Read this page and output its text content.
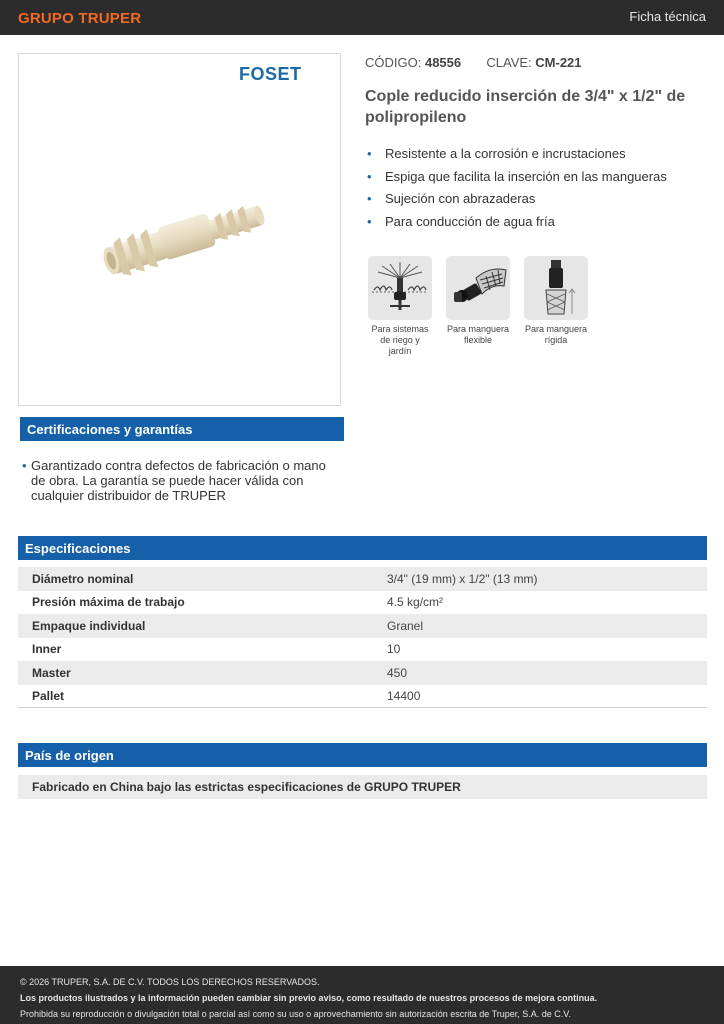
GRUPO TRUPER	Ficha técnica
FOSET
CÓDIGO: 48556 CLAVE: CM-221
Cople reducido inserción de 3/4" x 1/2" de polipropileno
• Resistente a la corrosión e incrustaciones
• Espiga que facilita la inserción en las mangueras
• Sujeción con abrazaderas
• Para conducción de agua fría
Para sistemas
de riego y
jardín
Para manguera
flexible
Para manguera
rígida
Certificaciones y garantías
• Garantizado contra defectos de fabricación o mano de obra. La garantía se puede hacer válida con cualquier distribuidor de TRUPER
Especificaciones
Diámetro nominal	3/4" (19 mm) x 1/2" (13 mm)
Presión máxima de trabajo	4.5 kg/cm²
Empaque individual	Granel
Inner	10
Master	450
Pallet	14400
País de origen
Fabricado en China bajo las estrictas especificaciones de GRUPO TRUPER

© 2026 TRUPER, S.A. DE C.V. TODOS LOS DERECHOS RESERVADOS.

Los productos ilustrados y la información pueden cambiar sin previo aviso, como resultado de nuestros procesos de mejora continua.

Prohibida su reproducción o divulgación total o parcial así como su uso o aprovechamiento sin autorización escrita de Truper, S.A. de C.V.
